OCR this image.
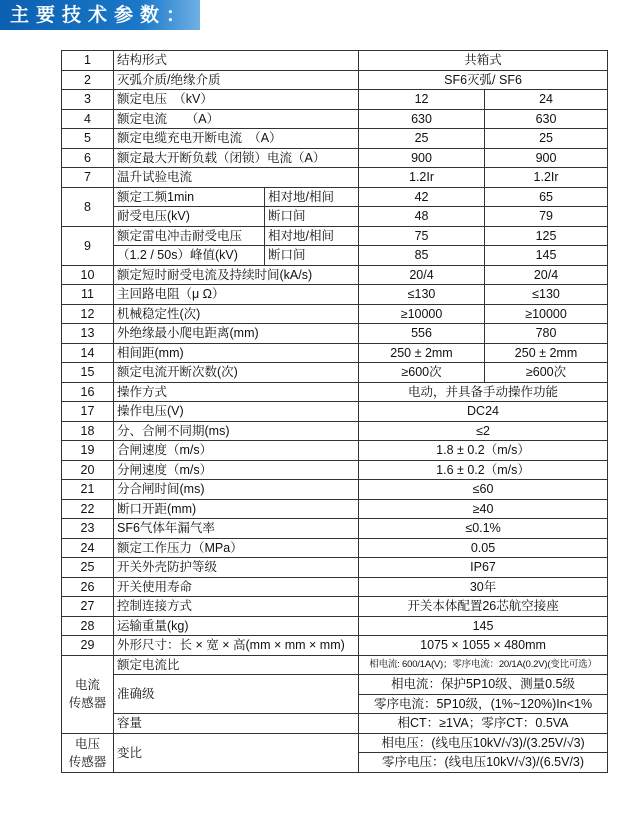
主要技术参数：
1	结构形式		共箱式	
2	灭弧介质/绝缘介质		SF6灭弧/ SF6	
3	额定电压　（kV）		12	24
4	额定电流　　（A）		630	630
5	额定电缆充电开断电流　（A）		25	25
6	额定最大开断负载（闭锁）电流（A）		900	900
7	温升试验电流		1.2Ir	1.2Ir
8	额定工频1min	相对地/相间	42	65
	耐受电压(kV)	断口间	48	79
9	额定雷电冲击耐受电压	相对地/相间	75	125
	（1.2 / 50s）峰值(kV)	断口间	85	145
10	额定短时耐受电流及持续时间(kA/s)		20/4	20/4
11	主回路电阻（μ Ω）		≤130	≤130
12	机械稳定性(次)		≥10000	≥10000
13	外绝缘最小爬电距离(mm)		556	780
14	相间距(mm)		250 ± 2mm	250 ± 2mm
15	额定电流开断次数(次)		≥600次	≥600次
16	操作方式		电动，并具备手动操作功能	
17	操作电压(V)		DC24	
18	分、合闸不同期(ms)		≤2	
19	合闸速度（m/s）		1.8 ± 0.2（m/s）	
20	分闸速度（m/s）		1.6 ± 0.2（m/s）	
21	分合闸时间(ms)		≤60	
22	断口开距(mm)		≥40	
23	SF6气体年漏气率		≤0.1%	
24	额定工作压力（MPa）		0.05	
25	开关外壳防护等级		IP67	
26	开关使用寿命		30年	
27	控制连接方式		开关本体配置26芯航空接座	
28	运输重量(kg)		145	
29	外形尺寸：长 × 宽 × 高(mm × mm × mm)		1075 × 1055 × 480mm	

电流
传感器	额定电流比		相电流: 600/1A(V)；零序电流：20/1A(0.2V)(变比可选）	
	准确级		相电流：保护5P10级、测量0.5级	
			零序电流：5P10级，(1%~120%)In<1%	
	容量		相CT：≥1VA；零序CT：0.5VA	

电压
传感器	变比		相电压：(线电压10kV/√3)/(3.25V/√3)	
			零序电压：(线电压10kV/√3)/(6.5V/3)	
